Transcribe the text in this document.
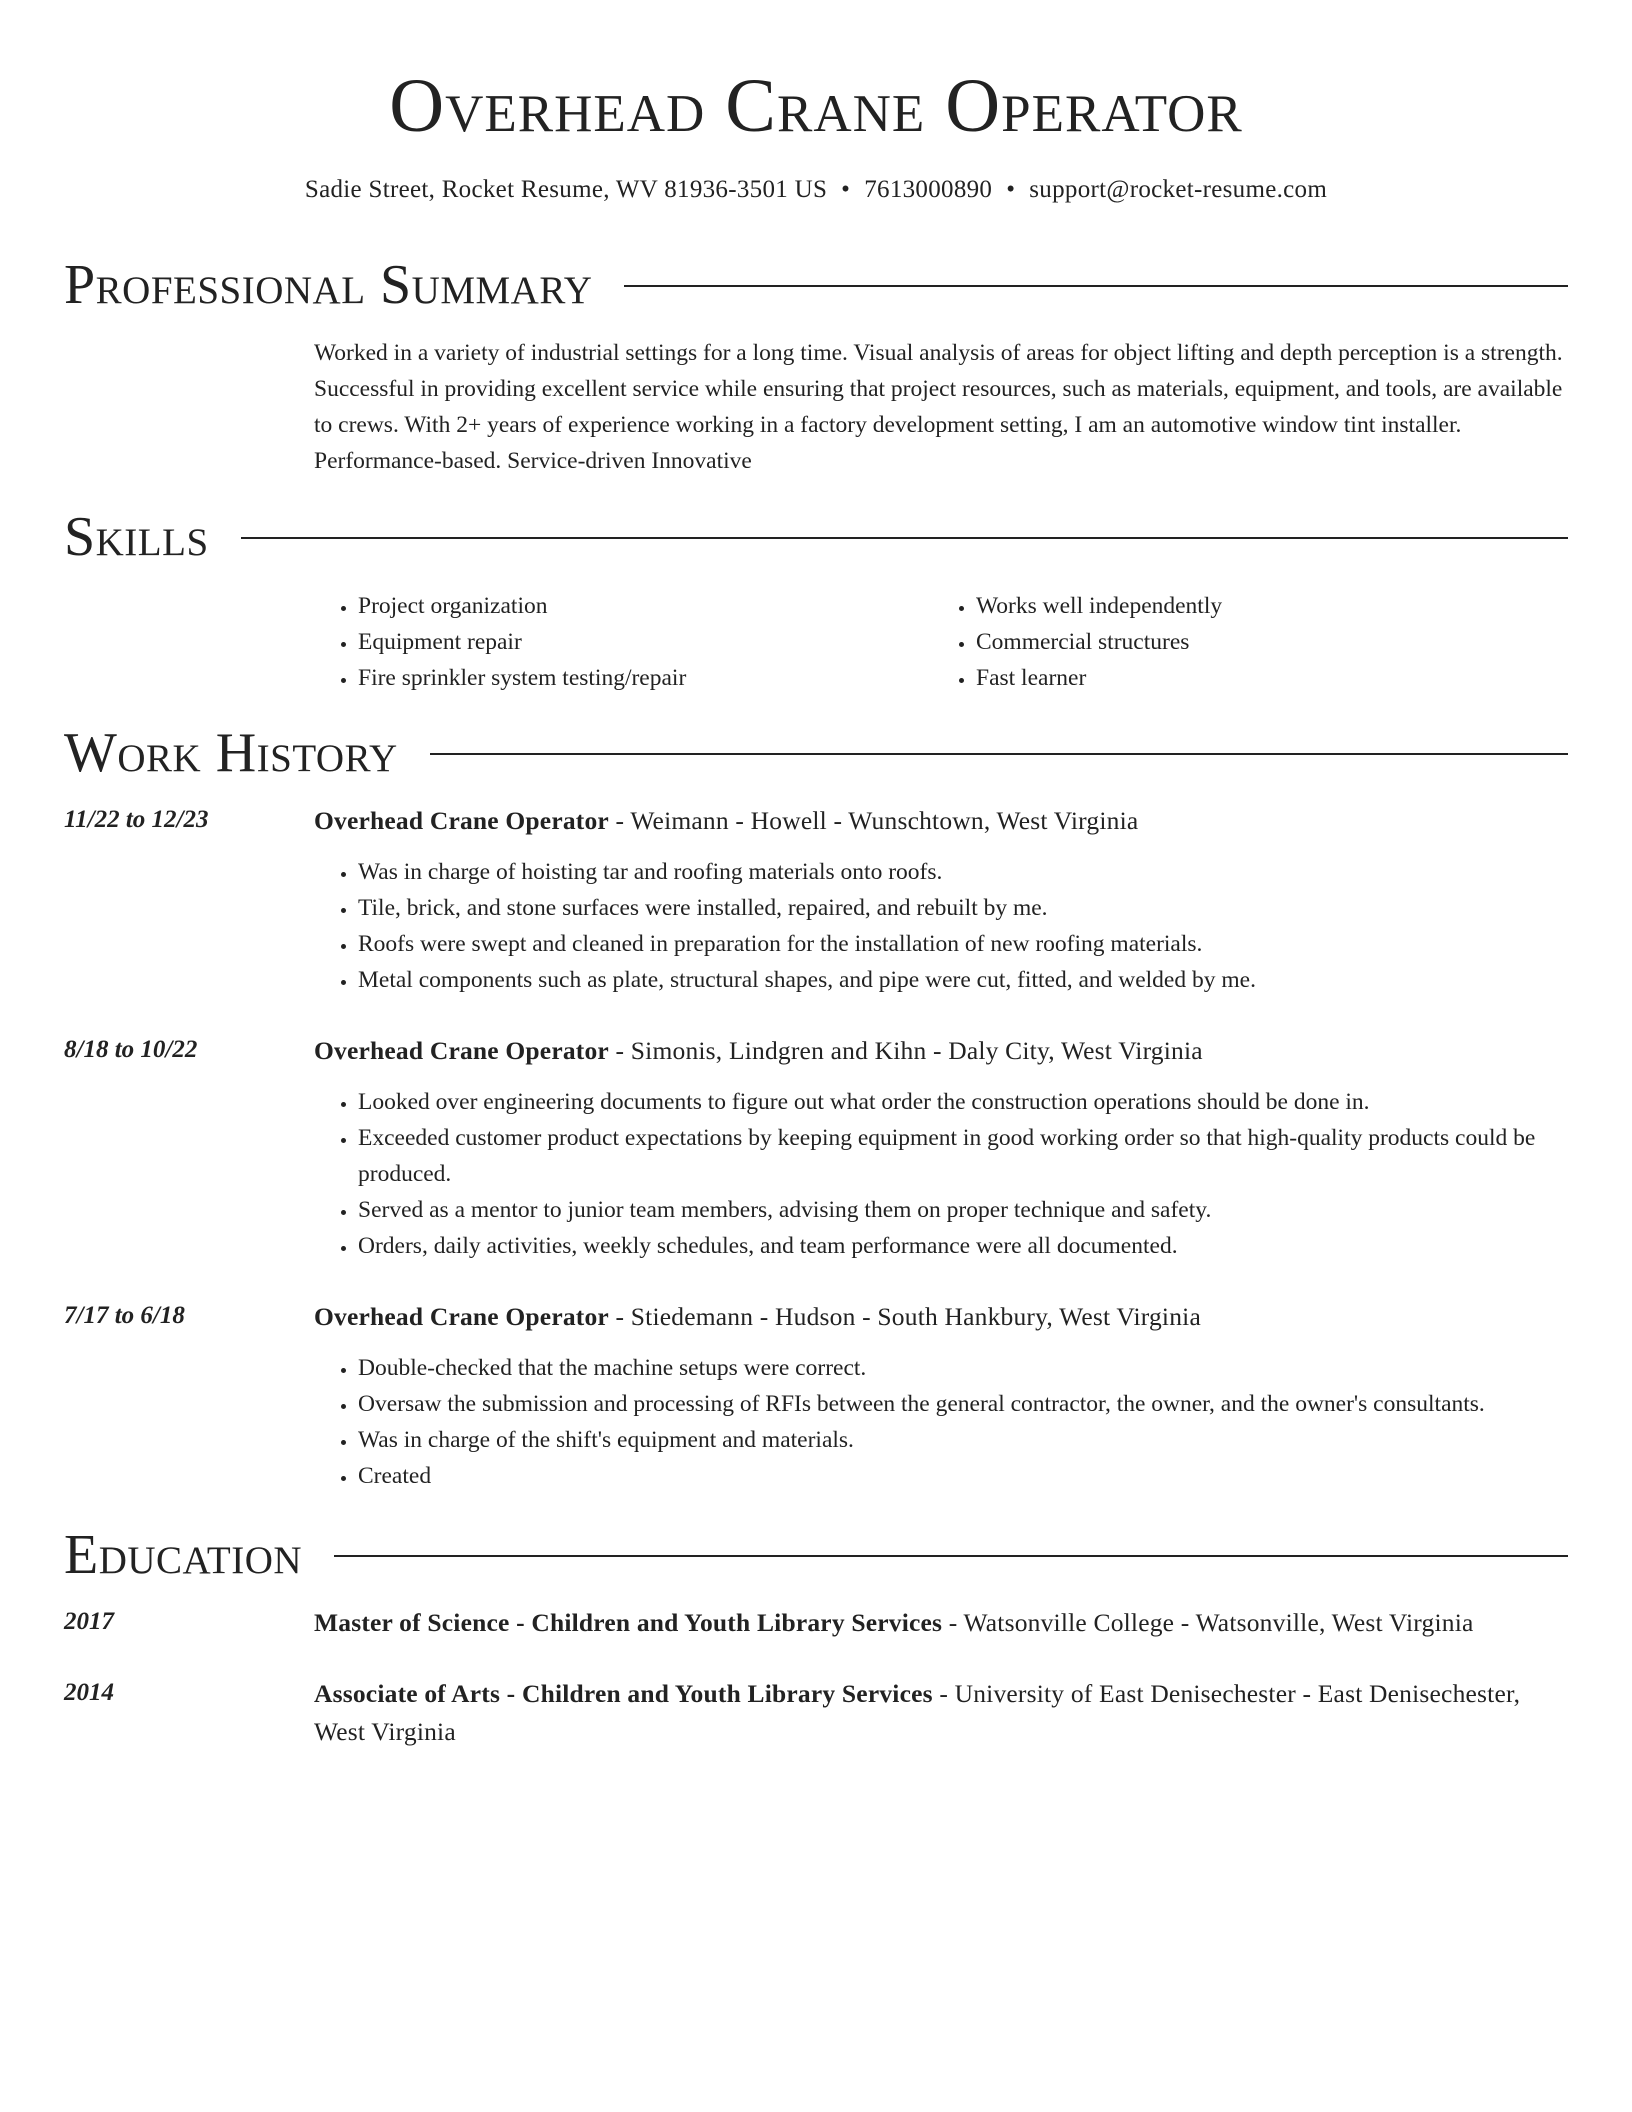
Overhead Crane Operator
Sadie Street, Rocket Resume, WV 81936-3501 US • 7613000890 • support@rocket-resume.com
Professional Summary

Worked in a variety of industrial settings for a long time. Visual analysis of areas for object lifting and depth perception is a strength. Successful in providing excellent service while ensuring that project resources, such as materials, equipment, and tools, are available to crews. With 2+ years of experience working in a factory development setting, I am an automotive window tint installer. Performance-based. Service-driven Innovative

Skills
• Project organization
• Equipment repair
• Fire sprinkler system testing/repair
• Works well independently
• Commercial structures
• Fast learner
Work History
11/22 to 12/23	Overhead Crane Operator - Weimann - Howell - Wunschtown, West Virginia

• Was in charge of hoisting tar and roofing materials onto roofs.
• Tile, brick, and stone surfaces were installed, repaired, and rebuilt by me.
• Roofs were swept and cleaned in preparation for the installation of new roofing materials.
• Metal components such as plate, structural shapes, and pipe were cut, fitted, and welded by me.
8/18 to 10/22	Overhead Crane Operator - Simonis, Lindgren and Kihn - Daly City, West Virginia

• Looked over engineering documents to figure out what order the construction operations should be done in.
• Exceeded customer product expectations by keeping equipment in good working order so that high-quality products could be produced.
• Served as a mentor to junior team members, advising them on proper technique and safety.
• Orders, daily activities, weekly schedules, and team performance were all documented.
7/17 to 6/18	Overhead Crane Operator - Stiedemann - Hudson - South Hankbury, West Virginia

• Double-checked that the machine setups were correct.
• Oversaw the submission and processing of RFIs between the general contractor, the owner, and the owner's consultants.
• Was in charge of the shift's equipment and materials.
• Created
Education
2017	Master of Science - Children and Youth Library Services - Watsonville College - Watsonville, West Virginia

2014	Associate of Arts - Children and Youth Library Services - University of East Denisechester - East Denisechester, West Virginia
